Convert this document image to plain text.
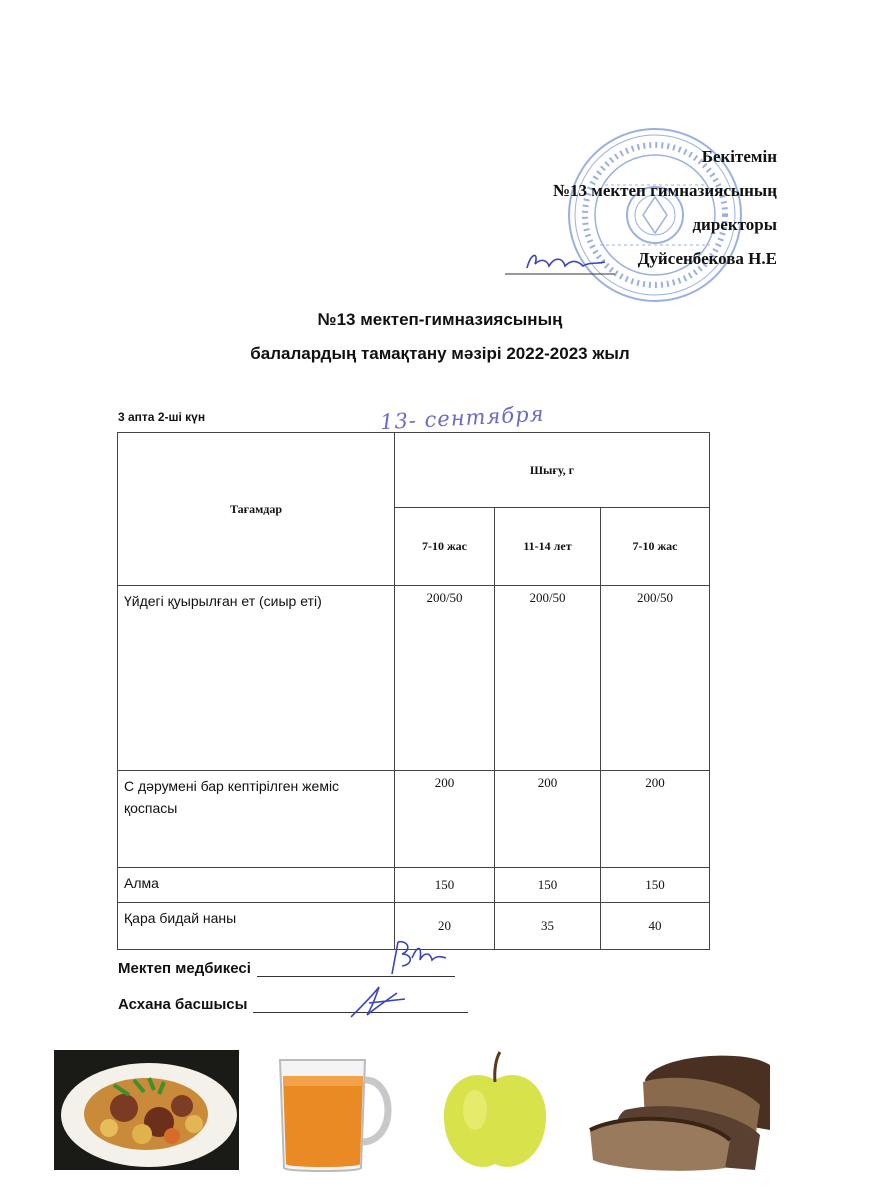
Бекітемін
№13 мектеп гимназиясының
директоры
Дуйсенбекова Н.Е
№13 мектеп-гимназиясының
балалардың тамақтану мәзірі 2022-2023 жыл
3 апта 2-ші күн	13- сентября
Тағамдар	Шығу, г		
	7-10 жас	11-14 лет	7-10 жас
Үйдегі қуырылған ет (сиыр еті)	200/50	200/50	200/50
С дәрумені бар кептірілген жеміс қоспасы	200	200	200
Алма	150	150	150
Қара бидай наны	20	35	40
Мектеп медбикесі
Асхана басшысы
